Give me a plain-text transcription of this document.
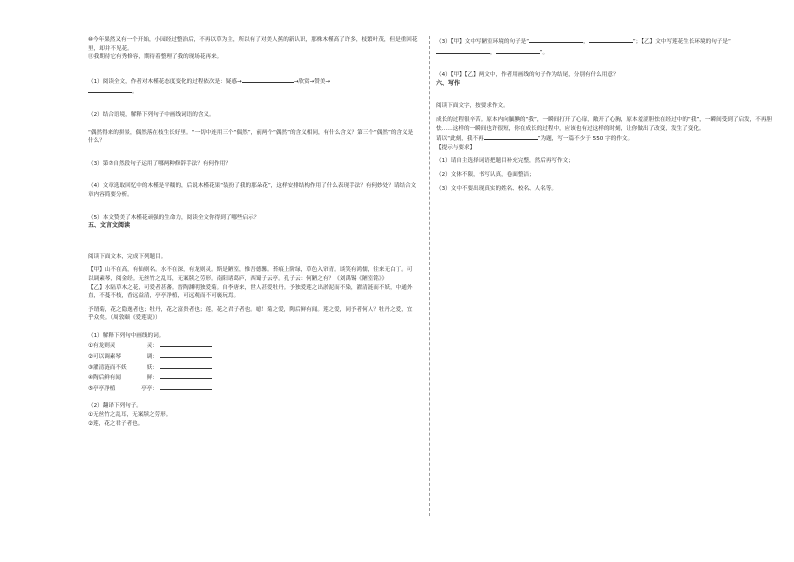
⑩今年果然又有一个开始，小园经过整治后，不再以草为主，所以有了对美人蕉的新认识，那株木槿高了许多，枝繁叶茂，但是重回花里，却并不见花。

⑪我期待它有秀修容，期待着整理了我的现场花再来。

（1）阅读全文，作者对木槿花态度变化的过程依次是：疑惑→	→欣赏→赞美→
。

（2）结合语境，解释下列句子中画线词语的含义。

“偶然得来的拼景，偶然落在枝生长好里。“一切中连用三个“偶然”，前两个“偶然”的含义相同，有什么含义？第三个“偶然”的含义是什么？

（3）第⑦自然段句子运用了哪两种修辞手法？有何作用？

（4）文章选取回忆中的木槿是平糯的，后说木槿花果“装扮了我的那朵花”，这样安排结构作用了什么表现手法？有何妙处？请结合文章内容简要分析。

（5）本文赞美了木槿花顽强的生命力，阅读全文你得到了哪些启示？

五、文言文阅读

阅读下面文本，完成下列题目。

【甲】山不在高，有仙则名。水不在深，有龙则灵。斯是陋室，惟吾德馨。苔痕上阶绿，草色入帘青。谈笑有鸿儒，往来无白丁。可以调素琴，阅金经。无丝竹之乱耳，无案牍之劳形。南阳诸葛庐，西蜀子云亭。孔子云：何陋之有？《刘禹锡《陋室铭》》

【乙】水陆草木之花，可爱者甚蕃。晋陶渊明独爱菊。自李唐来，世人甚爱牡丹。予独爱莲之出淤泥而不染，濯清涟而不妖，中通外直，不蔓不枝，香远益清，亭亭净植，可远观而不可亵玩焉。

予谓菊，花之隐逸者也；牡丹，花之富贵者也；莲，花之君子者也。噫！菊之爱，陶后鲜有闻。莲之爱，同予者何人？牡丹之爱，宜乎众矣。（周敦颐《爱莲说》）

（1）解释下列句中画线的词。

①有龙则灵	灵：
②可以调素琴	调：
③濯清涟而不妖	妖：
④陶后鲜有闻	鲜：
⑤亭亭净植	亭亭：

（2）翻译下列句子。

①无丝竹之乱耳，无案牍之劳形。

②莲，花之君子者也。

（3）【甲】文中写陋室环境的句子是“	，	”；【乙】文中写莲花生长环境的句子是“，	”。

（4）【甲】【乙】两文中，作者用画线的句子作为结尾，分别有什么用意？

六、写作

阅读下面文字，按要求作文。

成长的过程很辛苦。原本内向腼腆的“我”，一瞬间打开了心扉，敞开了心胸，原本羞涩胆怯在经过中的“我”，一瞬间受到了启发，不再胆怯……这样的一瞬间也许很短，你在成长的过程中，应该也有过这样的时刻，让你做出了改变，发生了变化。

请以“此刻，我不再	”为题，写一篇不少于 550 字的作文。

【提示与要求】

（1）请自主选择词语把题目补充完整，然后再写作文；

（2）文体不限，书写认真，卷面整洁；

（3）文中不要出现真实的姓名、校名、人名等。
